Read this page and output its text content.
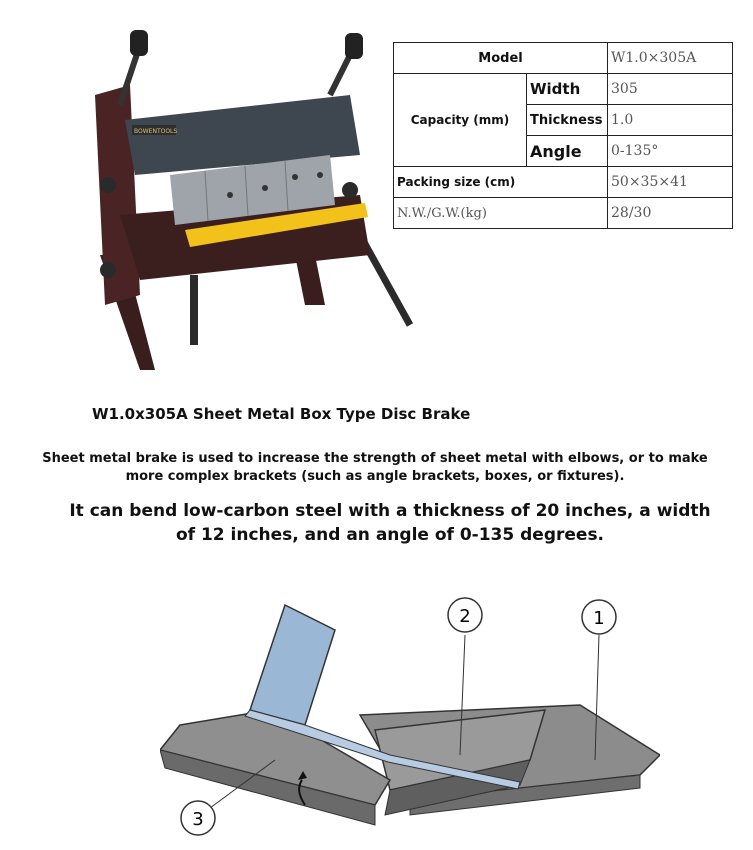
BOWENTOOLS
Model		W1.0×305A
Capacity (mm)	Width	305
	Thickness	1.0
	Angle	0-135°
Packing size (cm)		50×35×41
N.W./G.W.(kg)		28/30
W1.0x305A Sheet Metal Box Type Disc Brake
Sheet metal brake is used to increase the strength of sheet metal with elbows, or to make more complex brackets (such as angle brackets, boxes, or fixtures).
It can bend low-carbon steel with a thickness of 20 inches, a width of 12 inches, and an angle of 0-135 degrees.
2	1
3
